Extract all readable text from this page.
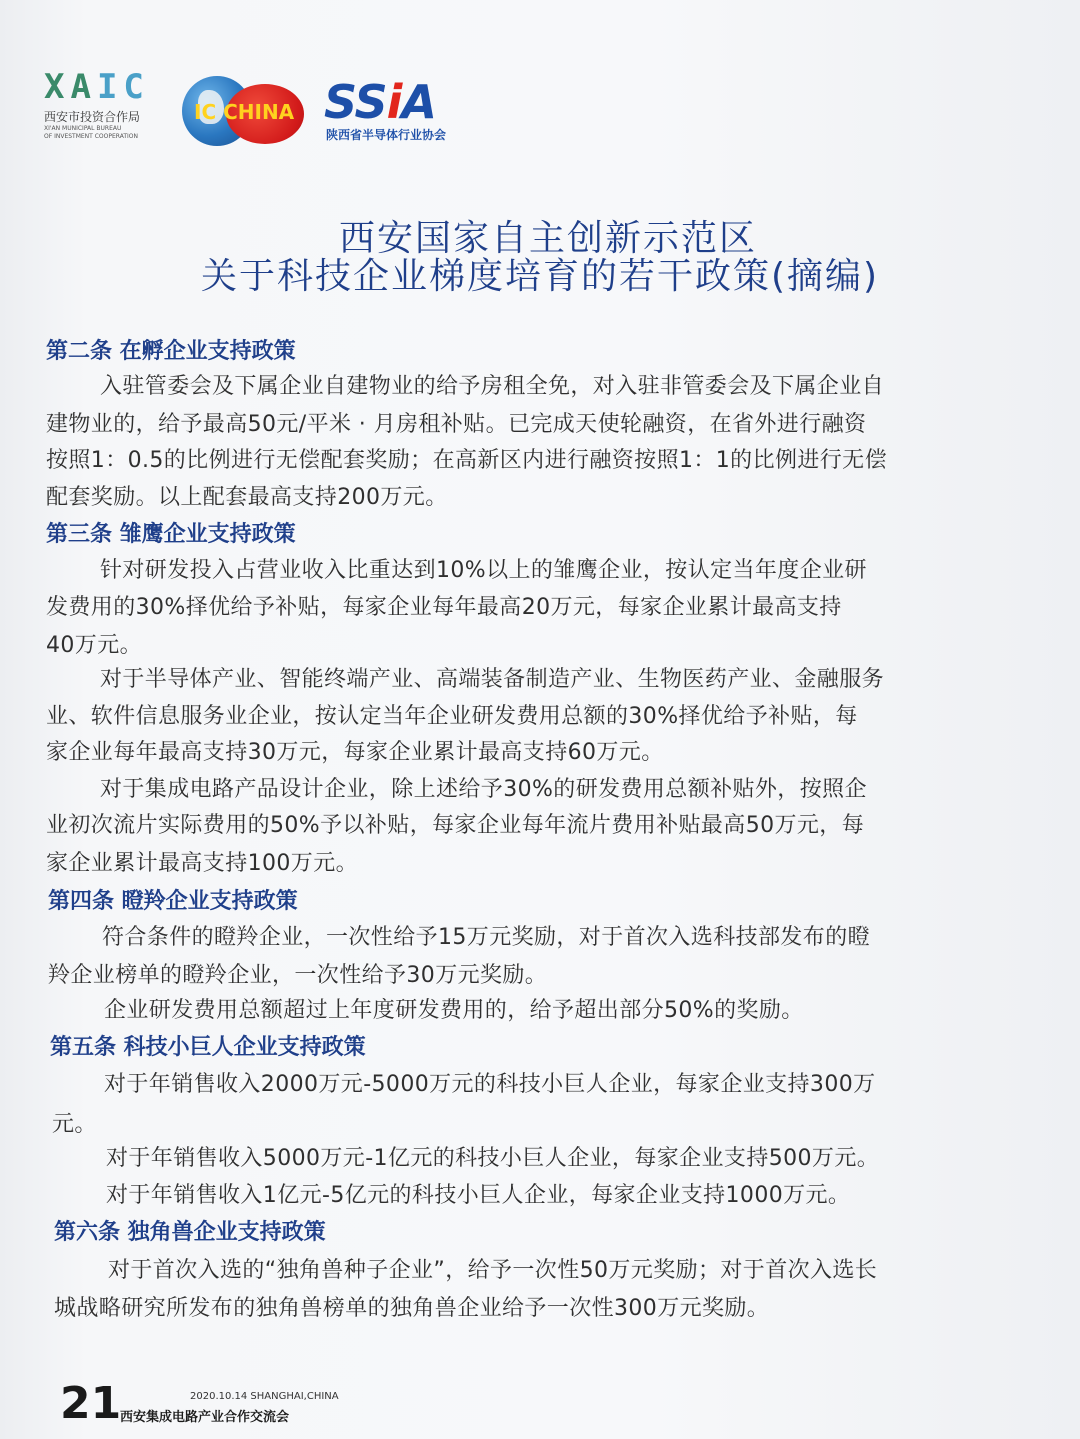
XAIC
西安市投资合作局
XI'AN MUNICIPAL BUREAU
OF INVESTMENT COOPERATION
IC CHINA SSiA
陕西省半导体行业协会
西安国家自主创新示范区
关于科技企业梯度培育的若干政策(摘编)
第二条 在孵企业支持政策
入驻管委会及下属企业自建物业的给予房租全免，对入驻非管委会及下属企业自
建物业的，给予最高50元/平米 · 月房租补贴。已完成天使轮融资，在省外进行融资
按照1：0.5的比例进行无偿配套奖励；在高新区内进行融资按照1：1的比例进行无偿
配套奖励。以上配套最高支持200万元。
第三条 雏鹰企业支持政策
针对研发投入占营业收入比重达到10%以上的雏鹰企业，按认定当年度企业研
发费用的30%择优给予补贴，每家企业每年最高20万元，每家企业累计最高支持
40万元。
对于半导体产业、智能终端产业、高端装备制造产业、生物医药产业、金融服务
业、软件信息服务业企业，按认定当年企业研发费用总额的30%择优给予补贴，每
家企业每年最高支持30万元，每家企业累计最高支持60万元。
对于集成电路产品设计企业，除上述给予30%的研发费用总额补贴外，按照企
业初次流片实际费用的50%予以补贴，每家企业每年流片费用补贴最高50万元，每
家企业累计最高支持100万元。
第四条 瞪羚企业支持政策
符合条件的瞪羚企业，一次性给予15万元奖励，对于首次入选科技部发布的瞪
羚企业榜单的瞪羚企业，一次性给予30万元奖励。
企业研发费用总额超过上年度研发费用的，给予超出部分50%的奖励。
第五条 科技小巨人企业支持政策
对于年销售收入2000万元-5000万元的科技小巨人企业，每家企业支持300万
元。
对于年销售收入5000万元-1亿元的科技小巨人企业，每家企业支持500万元。
对于年销售收入1亿元-5亿元的科技小巨人企业，每家企业支持1000万元。
第六条 独角兽企业支持政策
对于首次入选的“独角兽种子企业”，给予一次性50万元奖励；对于首次入选长
城战略研究所发布的独角兽榜单的独角兽企业给予一次性300万元奖励。
21	2020.10.14 SHANGHAI,CHINA
西安集成电路产业合作交流会
